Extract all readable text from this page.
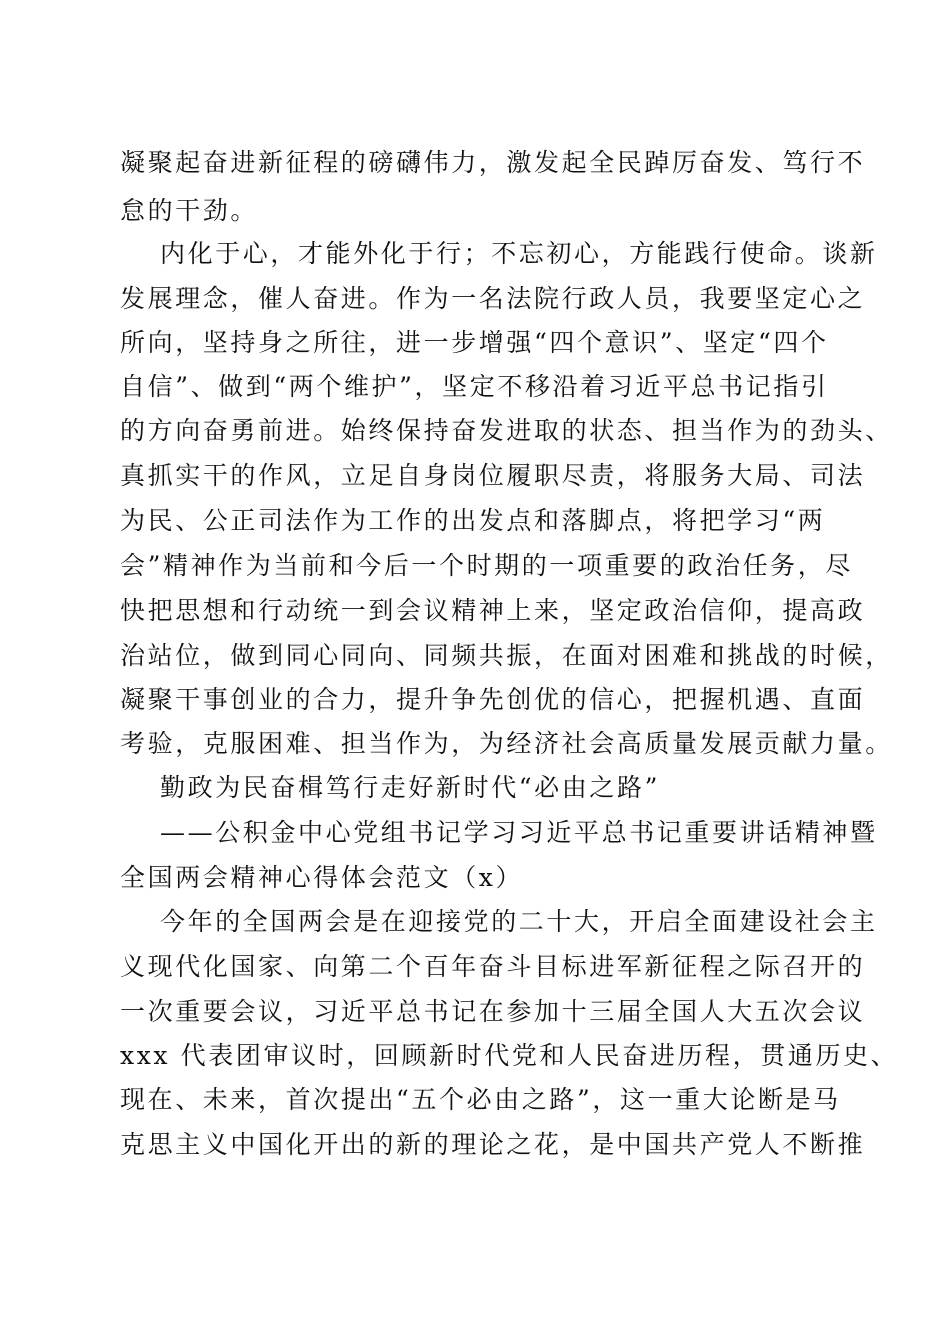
凝聚起奋进新征程的磅礴伟力，激发起全民踔厉奋发、笃行不
怠的干劲。
内化于心，才能外化于行；不忘初心，方能践行使命。谈新
发展理念，催人奋进。作为一名法院行政人员，我要坚定心之
所向，坚持身之所往，进一步增强“四个意识”、坚定“四个
自信”、做到“两个维护”，坚定不移沿着习近平总书记指引
的方向奋勇前进。始终保持奋发进取的状态、担当作为的劲头、
真抓实干的作风，立足自身岗位履职尽责，将服务大局、司法
为民、公正司法作为工作的出发点和落脚点，将把学习“两
会”精神作为当前和今后一个时期的一项重要的政治任务，尽
快把思想和行动统一到会议精神上来，坚定政治信仰，提高政
治站位，做到同心同向、同频共振，在面对困难和挑战的时候，
凝聚干事创业的合力，提升争先创优的信心，把握机遇、直面
考验，克服困难、担当作为，为经济社会高质量发展贡献力量。
勤政为民奋楫笃行走好新时代“必由之路”
——公积金中心党组书记学习习近平总书记重要讲话精神暨
全国两会精神心得体会范文（x）
今年的全国两会是在迎接党的二十大，开启全面建设社会主
义现代化国家、向第二个百年奋斗目标进军新征程之际召开的
一次重要会议，习近平总书记在参加十三届全国人大五次会议
xxx 代表团审议时，回顾新时代党和人民奋进历程，贯通历史、
现在、未来，首次提出“五个必由之路”，这一重大论断是马
克思主义中国化开出的新的理论之花，是中国共产党人不断推
